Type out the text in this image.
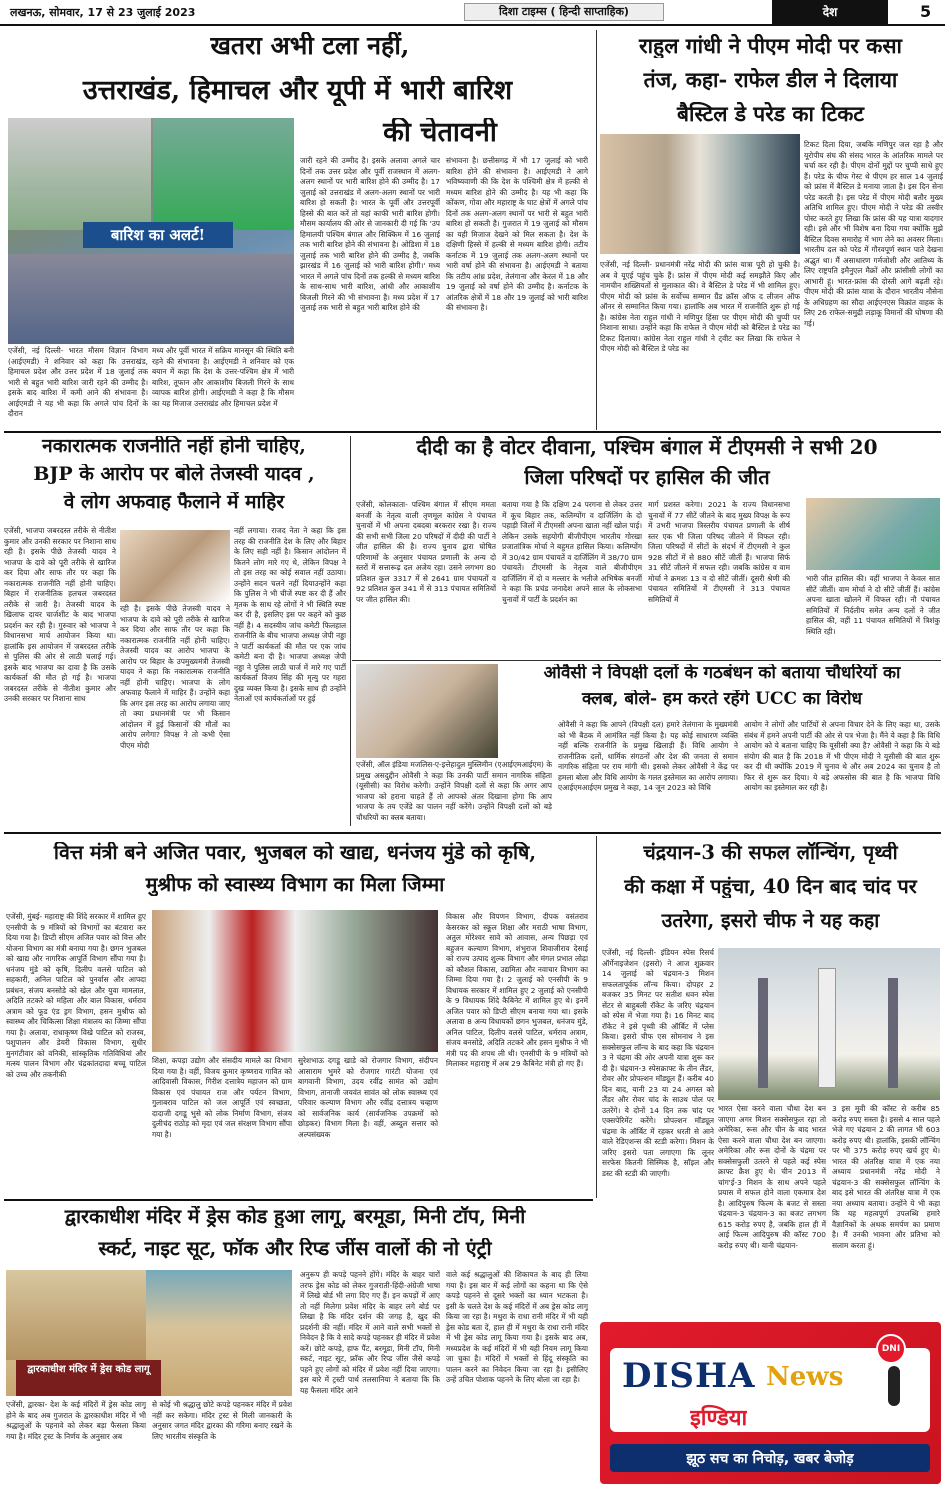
लखनऊ, सोमवार, 17 से 23 जुलाई 2023	दिशा टाइम्स ( हिन्दी साप्ताहिक)	देश	5
खतरा अभी टला नहीं,
उत्तराखंड, हिमाचल और यूपी में भारी बारिश
की चेतावनी
बारिश का अलर्ट!
एजेंसी, नई दिल्ली- भारत मौसम विज्ञान विभाग (आईएमडी) ने शनिवार को कहा कि उत्तराखंड, हिमाचल प्रदेश और उत्तर प्रदेश में 18 जुलाई तक भारी से बहुत भारी बारिश जारी रहने की उम्मीद है। इसके बाद बारिश में कमी आने की संभावना है। आईएमडी ने यह भी कहा कि अगले पांच दिनों के दौरान
मध्य और पूर्वी भारत में सक्रिय मानसून की स्थिति बनी रहने की संभावना है। आईएमडी ने शनिवार को एक बयान में कहा कि देश के उत्तर-पश्चिम क्षेत्र में भारी बारिश, तूफान और आकाशीय बिजली गिरने के साथ व्यापक बारिश होगी। आईएमडी ने कहा है कि मौसम का यह मिजाज उत्तराखंड और हिमाचल प्रदेश में
जारी रहने की उम्मीद है। इसके अलावा अगले चार दिनों तक उत्तर प्रदेश और पूर्वी राजस्थान में अलग-अलग स्थानों पर भारी बारिश होने की उम्मीद है। 17 जुलाई को उत्तराखंड में अलग-अलग स्थानों पर भारी बारिश हो सकती है। भारत के पूर्वी और उत्तरपूर्वी हिस्से की बात करें तो यहां काफी भारी बारिश होगी। मौसम कार्यालय की ओर से जानकारी दी गई कि 'उप हिमालयी पश्चिम बंगाल और सिक्किम में 16 जुलाई तक भारी बारिश होने की संभावना है। ओडिशा में 18 जुलाई तक भारी बारिश होने की उम्मीद है, जबकि झारखंड में 16 जुलाई को भारी बारिश होगी।' मध्य भारत में अगले पांच दिनों तक हल्की से मध्यम बारिश के साथ-साथ भारी बारिश, आंधी और आकाशीय बिजली गिरने की भी संभावना है। मध्य प्रदेश में 17 जुलाई तक भारी से बहुत भारी बारिश होने की
संभावना है। छत्तीसगढ़ में भी 17 जुलाई को भारी बारिश होने की संभावना है। आईएमडी ने आगे भविष्यवाणी की कि देश के पश्चिमी क्षेत्र में हल्की से मध्यम बारिश होने की उम्मीद है। यह भी कहा कि कोंकण, गोवा और महाराष्ट्र के घाट क्षेत्रों में अगले पांच दिनों तक अलग-अलग स्थानों पर भारी से बहुत भारी बारिश हो सकती है। गुजरात में 19 जुलाई को मौसम का यही मिजाज देखने को मिल सकता है। देश के दक्षिणी हिस्से में हल्की से मध्यम बारिश होगी। तटीय कर्नाटक में 19 जुलाई तक अलग-अलग स्थानों पर भारी वर्षा होने की संभावना है। आईएमडी ने बताया कि तटीय आंध्र प्रदेश, तेलंगाना और केरल में 18 और 19 जुलाई को वर्षा होने की उम्मीद है। कर्नाटक के आंतरिक क्षेत्रों में 18 और 19 जुलाई को भारी बारिश की संभावना है।
राहुल गांधी ने पीएम मोदी पर कसा
तंज, कहा- राफेल डील ने दिलाया
बैस्टिल डे परेड का टिकट
एजेंसी, नई दिल्ली- प्रधानमंत्री नरेंद्र मोदी की फ्रांस यात्रा पूरी हो चुकी है। अब वे यूएई पहुंच चुके हैं। फ्रांस में पीएम मोदी कई समझौते किए और नामचीन शख्सियतों से मुलाकात की। वे बैस्टिल डे परेड में भी शामिल हुए। पीएम मोदी को फ्रांस के सर्वोच्च सम्मान ग्रैंड क्रॉस ऑफ द लीजन ऑफ ऑनर से सम्मानित किया गया। हालांकि अब भारत में राजनीति शुरू हो गई है। कांग्रेस नेता राहुल गांधी ने मणिपुर हिंसा पर पीएम मोदी की चुप्पी पर निशाना साधा। उन्होंने कहा कि राफेल ने पीएम मोदी को बैस्टिल डे परेड का टिकट दिलाया। कांग्रेस नेता राहुल गांधी ने ट्वीट कर लिखा कि राफेल ने पीएम मोदी को बैस्टिल डे परेड का
टिकट दिला दिया, जबकि मणिपुर जल रहा है और यूरोपीय संघ की संसद भारत के आंतरिक मामले पर चर्चा कर रही है। पीएम दोनों मुद्दों पर चुप्पी साधे हुए हैं। परेड के चीफ गेस्ट थे पीएम हर साल 14 जुलाई को फ्रांस में बैस्टिल डे मनाया जाता है। इस दिन सेना परेड करती है। इस परेड में पीएम मोदी बतौर मुख्य अतिथि शामिल हुए। पीएम मोदी ने परेड की तस्वीर पोस्ट करते हुए लिखा कि फ्रांस की यह यात्रा यादगार रही। इसे और भी विशेष बना दिया गया क्योंकि मुझे बैस्टिल दिवस समारोह में भाग लेने का अवसर मिला। भारतीय दल को परेड में गौरवपूर्ण स्थान पाते देखना अद्भुत था। मैं असाधारण गर्मजोशी और आतिथ्य के लिए राष्ट्रपति इमैनुएल मैक्रों और फ्रांसीसी लोगों का आभारी हूं। भारत-फ्रांस की दोस्ती आगे बढ़ती रहे। पीएम मोदी की फ्रांस यात्रा के दौरान भारतीय नौसेना के अधिग्रहण का सौदा आईएनएस विक्रांत वाहक के लिए 26 राफेल-समुद्री लड़ाकू विमानों की घोषणा की गई।
नकारात्मक राजनीति नहीं होनी चाहिए,
BJP के आरोप पर बोले तेजस्वी यादव ,
वे लोग अफवाह फैलाने में माहिर
एजेंसी, भाजपा जबरदस्त तरीके से नीतीश कुमार और उनकी सरकार पर निशाना साध रही है। इसके पीछे तेजस्वी यादव ने भाजपा के दावे को पूरी तरीके से खारिज कर दिया और साफ तौर पर कहा कि नकारात्मक राजनीति नहीं होनी चाहिए। बिहार में राजनीतिक हलचल जबरदस्त तरीके से जारी है। तेजस्वी यादव के खिलाफ दायर चार्जशीट के बाद भाजपा प्रदर्शन कर रही है। गुरुवार को भाजपा ने विधानसभा मार्च आयोजन किया था। हालांकि इस आयोजन में जबरदस्त तरीके से पुलिस की ओर से लाठी चलाई गई। इसके बाद भाजपा का दावा है कि उसके कार्यकर्ता की मौत हो गई है। भाजपा जबरदस्त तरीके से नीतीश कुमार और उनकी सरकार पर निशाना साध
रही है। इसके पीछे तेजस्वी यादव ने भाजपा के दावे को पूरी तरीके से खारिज कर दिया और साफ तौर पर कहा कि नकारात्मक राजनीति नहीं होनी चाहिए। तेजस्वी यादव का आरोप भाजपा के आरोप पर बिहार के उपमुख्यमंत्री तेजस्वी यादव ने कहा कि नकारात्मक राजनीति नहीं होनी चाहिए। भाजपा के लोग अफवाह फैलाने में माहिर हैं। उन्होंने कहा कि अगर इस तरह का आरोप लगाया जाए तो क्या प्रधानमंत्री पर भी किसान आंदोलन में हुई किसानों की मौतों का आरोप लगेगा? विपक्ष ने तो कभी ऐसा पीएम मोदी
नहीं लगाया। राजद नेता ने कहा कि इस तरह की राजनीति देश के लिए और बिहार के लिए सही नहीं है। किसान आंदोलन में कितने लोग मारे गए थे, लेकिन विपक्ष ने तो इस तरह का कोई सवाल नहीं उठाया। उन्होंने सदन चलने नहीं दियाउन्होंने कहा कि पुलिस ने भी चीजें स्पष्ट कर दी हैं और मृतक के साथ रहे लोगों ने भी स्थिति स्पष्ट कर दी है, इसलिए इस पर कहने को कुछ नहीं है। 4 सदस्यीय जांच कमेटी फिलहाल राजनीति के बीच भाजपा अध्यक्ष जेपी नड्डा ने पार्टी कार्यकर्ता की मौत पर एक जांच कमेटी बना दी है। भाजपा अध्यक्ष जेपी नड्डा ने पुलिस लाठी चार्ज में मारे गए पार्टी कार्यकर्ता विजय सिंह की मृत्यु पर गहरा दुख व्यक्त किया है। इसके साथ ही उन्होंने नेताओं एवं कार्यकर्ताओं पर हुई
दीदी का है वोटर दीवाना, पश्चिम बंगाल में टीएमसी ने सभी 20
जिला परिषदों पर हासिल की जीत
एजेंसी, कोलकाता- पश्चिम बंगाल में सीएम ममता बनर्जी के नेतृत्व वाली तृणमूल कांग्रेस ने पंचायत चुनावों में भी अपना दबदबा बरकरार रखा है। राज्य की सभी सभी जिला 20 परिषदों में दीदी की पार्टी ने जीत हासिल की है। राज्य चुनाव द्वारा घोषित परिणामों के अनुसार पंचायत प्रणाली के अन्य दो स्तरों में सत्तारूढ़ दल अजेय रहा। उसने लगभग 80 प्रतिशत कुल 3317 में से 2641 ग्राम पंचायतों व 92 प्रतिशत कुल 341 में से 313 पंचायत समितियों पर जीत हासिल की।
बताया गया है कि दक्षिण 24 परगना से लेकर उत्तर में कूच बिहार तक, कलिम्पोंग व दार्जिलिंग के दो पहाड़ी जिलों में टीएमसी अपना खाता नहीं खोल पाई। लेकिन उसके सहयोगी बीजीपीएम भारतीय गोरखा प्रजातांत्रिक मोर्चा ने बहुमत हासिल किया। कलिम्पोंग में 30/42 ग्राम पंचायतें व दार्जिलिंग में 38/70 ग्राम पंचायतें। टीएमसी के नेतृत्व वाले बीजीपीएम दार्जिलिंग में दो व मल्लार के भतीजे अभिषेक बनर्जी ने कहा कि प्रचंड जनादेश अपने साल के लोकसभा चुनावों में पार्टी के प्रदर्शन का
मार्ग प्रशस्त करेगा। 2021 के राज्य विधानसभा चुनावों में 77 सीटें जीतने के बाद मुख्य विपक्ष के रूप में उभरी भाजपा त्रिस्तरीय पंचायत प्रणाली के शीर्ष स्तर एक भी जिला परिषद जीतने में विफल रही। जिला परिषदों में सीटों के संदर्भ में टीएमसी ने कुल 928 सीटों में से 880 सीटें जीतीं हैं। भाजपा सिर्फ 31 सीटें जीतने में सफल रही। जबकि कांग्रेस व वाम मोर्चा ने क्रमशः 13 व दो सीटें जीतीं। दूसरी श्रेणी की पंचायत समितियों में टीएमसी ने 313 पंचायत समितियों में
भारी जीत हासिल की। वहीं भाजपा ने केवल सात सीटें जीतीं। वाम मोर्चा ने दो सीटें जीतीं हैं। कांग्रेस अपना खाता खोलने में विफल रही। नौ पंचायत समितियों में निर्दलीय समेत अन्य दलों ने जीत हासिल की, वहीं 11 पंचायत समितियों में त्रिशंकु स्थिति रही।
ओवैसी ने विपक्षी दलों के गठबंधन को बताया चौधरियों का
क्लब, बोले- हम करते रहेंगे UCC का विरोध
एजेंसी, ऑल इंडिया मजलिस-ए-इत्तेहादुल मुस्लिमीन (एआईएमआईएम) के प्रमुख असदुद्दीन ओवैसी ने कहा कि उनकी पार्टी समान नागरिक संहिता (यूसीसी) का विरोध करेगी। उन्होंने विपक्षी दलों से कहा कि अगर आप भाजपा को हराना चाहते हैं तो आपको अंतर दिखाना होगा कि आप भाजपा के तय एजेंडे का पालन नहीं करेंगे। उन्होंने विपक्षी दलों को बड़े चौधरियों का क्लब बताया।
ओवैसी ने कहा कि आपने (विपक्षी दल) हमारे तेलंगाना के मुख्यमंत्री को भी बैठक में आमंत्रित नहीं किया है। यह कोई साधारण व्यक्ति नहीं बल्कि राजनीति के प्रमुख खिलाड़ी हैं। विधि आयोग ने राजनीतिक दलों, धार्मिक संगठनों और देश की जनता से समान नागरिक संहिता पर राय मांगी थी। इसको लेकर ओवैसी ने केंद्र पर हमला बोला और विधि आयोग के गलत इस्तेमाल का आरोप लगाया। एआईएमआईएम प्रमुख ने कहा, 14 जून 2023 को विधि
आयोग ने लोगों और पार्टियों से अपना विचार देने के लिए कहा था, उसके संबंध में हमने अपनी पार्टी की ओर से पत्र भेजा है। मैंने ये कहा है कि विधि आयोग को ये बताना चाहिए कि यूसीसी क्या है? ओवैसी ने कहा कि ये बड़े संयोग की बात है कि 2018 में भी पीएम मोदी ने यूसीसी की बात शुरू कर दी थी क्योंकि 2019 में चुनाव थे और अब 2024 का चुनाव है तो फिर से शुरू कर दिया। ये बड़े अफसोस की बात है कि भाजपा विधि आयोग का इस्तेमाल कर रही है।
वित्त मंत्री बने अजित पवार, भुजबल को खाद्य, धनंजय मुंडे को कृषि,
मुश्रीफ को स्वास्थ्य विभाग का मिला जिम्मा
एजेंसी, मुंबई- महाराष्ट्र की शिंदे सरकार में शामिल हुए एनसीपी के 9 मंत्रियों को विभागों का बंटवारा कर दिया गया है। डिप्टी सीएम अजित पवार को वित्त और योजना विभाग का मंत्री बनाया गया है। छगन भुजबल को खाद्य और नागरिक आपूर्ति विभाग सौंपा गया है। धनंजय मुंडे को कृषि, दिलीप वलसे पाटिल को सहकारी, अनिल पाटिल को पुनर्वास और आपदा प्रबंधन, संजय बनसोडे को खेल और युवा मामलात, अदिति तटकरे को महिला और बाल विकास, धर्मराव अत्राम को फूड एंड ड्रग विभाग, हसन मुश्रीफ को स्वास्थ्य और चिकित्सा शिक्षा मंत्रालय का जिम्मा सौंपा गया है। अलावा, राधाकृष्ण विखे पाटिल को राजस्व, पशुपालन और डेयरी विकास विभाग, सुधीर मुनगंटीवार को वनिकी, सांस्कृतिक गतिविधियां और मत्स्य पालन विभाग और चंद्रकांतदादा बच्चू पाटिल को उच्च और तकनीकी
शिक्षा, कपड़ा उद्योग और संसदीय मामले का विभाग दिया गया है। वहीं, विजय कुमार कृष्णराव गावित को आदिवासी विकास, गिरीश दत्तात्रेय महाजन को ग्राम विकास एवं पंचायत राज और पर्यटन विभाग, गुलाबराव पाटिल को जल आपूर्ति एवं स्वच्छता, दादाजी दगडू भुसे को लोक निर्माण विभाग, संजय दुलीचंद राठोड़ को मृदा एवं जल संरक्षण विभाग सौंपा गया है।
सुरेशभाऊ दगडू खाडे को रोजगार विभाग, संदीपन आसाराम भुमरे को रोजगार गारंटी योजना एवं बागवानी विभाग, उदय रवींद्र सामंत को उद्योग विभाग, तानाजी जयवंत सावंत को लोक स्वास्थ्य एवं परिवार कल्याण विभाग और रवींद्र दत्तात्रय चव्हाण को सार्वजनिक कार्य (सार्वजनिक उपक्रमों को छोड़कर) विभाग मिला है। वहीं, अब्दुल सत्तार को अल्पसंख्यक
विकास और विपणन विभाग, दीपक वसंतराव केसरकर को स्कूल शिक्षा और मराठी भाषा विभाग, अतुल मोरेश्वर सावे को आवास, अन्य पिछड़ा एवं बहुजन कल्याण विभाग, शंभुराज शिवाजीराव देसाई को राज्य उत्पाद शुल्क विभाग और मंगल प्रभात लोढ़ा को कौशल विकास, उद्यमिता और नवाचार विभाग का जिम्मा दिया गया है। 2 जुलाई को एनसीपी के 9 विधायक सरकार में शामिल हुए 2 जुलाई को एनसीपी के 9 विधायक शिंदे कैबिनेट में शामिल हुए थे। इनमें अजित पवार को डिप्टी सीएम बनाया गया था। इसके अलावा 8 अन्य विधायकों छगन भुजबल, धनंजय मुंडे, अनिल पाटिल, दिलीप वलसे पाटिल, धर्मराव अत्राम, संजय बनसोडे, अदिति तटकरे और हसन मुश्रीफ ने भी मंत्री पद की शपथ ली थी। एनसीपी के 9 मंत्रियों को मिलाकर महाराष्ट्र में अब 29 कैबिनेट मंत्री हो गए हैं।
चंद्रयान-3 की सफल लॉन्चिंग, पृथ्वी
की कक्षा में पहुंचा, 40 दिन बाद चांद पर
उतरेगा, इसरो चीफ ने यह कहा
एजेंसी, नई दिल्ली- इंडियन स्पेस रिसर्च ऑर्गेनाइजेशन (इसरो) ने आज शुक्रवार 14 जुलाई को चंद्रयान-3 मिशन सफलतापूर्वक लॉन्च किया। दोपहर 2 बजकर 35 मिनट पर सतीश धवन स्पेस सेंटर से बाहुबली रॉकेट के जरिए चंद्रयान को स्पेस में भेजा गया है। 16 मिनट बाद रॉकेट ने इसे पृथ्वी की ऑर्बिट में प्लेस किया। इसरो चीफ एस सोमनाथ ने इस सक्सेसफुल लॉन्च के बाद कहा कि चंद्रयान 3 ने चंद्रमा की ओर अपनी यात्रा शुरू कर दी है। चंद्रयान-3 स्पेसक्राफ्ट के तीन लैंडर, रोवर और प्रोपल्शन मॉड्यूल हैं। करीब 40 दिन बाद, यानी 23 या 24 अगस्त को लैंडर और रोवर चांद के साउथ पोल पर उतरेंगे। ये दोनों 14 दिन तक चांद पर एक्सपेरिमेंट करेंगे। प्रोपल्शन मॉड्यूल चंद्रमा के ऑर्बिट में रहकर धरती से आने वाले रेडिएशन्स की स्टडी करेगा। मिशन के जरिए इसरो पता लगाएगा कि लूनर सरफेस कितनी सिस्मिक है, सॉइल और डस्ट की स्टडी की जाएगी।
भारत ऐसा करने वाला चौथा देश बन जाएगा अगर मिशन सक्सेसफुल रहा तो अमेरिका, रूस और चीन के बाद भारत ऐसा करने वाला चौथा देश बन जाएगा। अमेरिका और रूस दोनों के चंद्रमा पर सक्सेसफुली उतरने से पहले कई स्पेस क्राफ्ट क्रैश हुए थे। चीन 2013 में चांग'ई-3 मिशन के साथ अपने पहले प्रयास में सफल होने वाला एकमात्र देश है। आदिपुरुष फिल्म के बजट से सस्ता चंद्रयान-3 चंद्रयान-3 का बजट लगभग 615 करोड़ रुपए है, जबकि हाल ही में आई फिल्म आदिपुरुष की कॉस्ट 700 करोड़ रुपए थी। यानी चंद्रयान-
3 इस मूवी की कॉस्ट से करीब 85 करोड़ रुपए सस्ता है। इससे 4 साल पहले भेजे गए चंद्रयान 2 की लागत भी 603 करोड़ रुपए थी। हालांकि, इसकी लॉन्चिंग पर भी 375 करोड़ रुपए खर्च हुए थे। भारत की अंतरिक्ष यात्रा में एक नया अध्याय प्रधानमंत्री नरेंद्र मोदी ने चंद्रयान-3 की सक्सेसफुल लॉन्चिंग के बाद इसे भारत की अंतरिक्ष यात्रा में एक नया अध्याय बताया। उन्होंने ये भी कहा कि यह महत्वपूर्ण उपलब्धि हमारे वैज्ञानिकों के अथक समर्पण का प्रमाण है। मैं उनकी भावना और प्रतिभा को सलाम करता हूं।
द्वारकाधीश मंदिर में ड्रेस कोड हुआ लागू, बरमूडा, मिनी टॉप, मिनी
स्कर्ट, नाइट सूट, फॉक और रिप्ड जींस वालों की नो एंट्री
द्वारकाधीश मंदिर में ड्रेस कोड लागू
एजेंसी, द्वारका- देश के कई मंदिरों में ड्रेस कोड लागू होने के बाद अब गुजरात के द्वारकाधीश मंदिर में भी श्रद्धालुओं के पहनावे को लेकर बड़ा फैसला किया गया है। मंदिर ट्रस्ट के निर्णय के अनुसार अब
से कोई भी श्रद्धालु छोटे कपड़े पहनकर मंदिर में प्रवेश नहीं कर सकेगा। मंदिर ट्रस्ट से मिली जानकारी के अनुसार जगत मंदिर द्वारका की गरिमा बनाए रखने के लिए भारतीय संस्कृति के
अनुरूप ही कपड़े पहनने होंगे। मंदिर के बाहर चारों तरफ ड्रेस कोड को लेकर गुजराती-हिंदी-अंग्रेजी भाषा में लिखे बोर्ड भी लगा दिए गए हैं। इन कपड़ों में आए तो नहीं मिलेगा प्रवेश मंदिर के बाहर लगे बोर्ड पर लिखा है कि मंदिर दर्शन की जगह है, खुद की प्रदर्शनी की नहीं। मंदिर में आने वाले सभी भक्तों से निवेदन है कि वे सादे कपड़े पहनकर ही मंदिर में प्रवेश करें। छोटे कपड़े, हाफ पैंट, बरमूडा, मिनी टॉप, मिनी स्कर्ट, नाइट सूट, फ्रॉक और रिप्ड जींस जैसे कपड़े पहने हुए लोगों को मंदिर में प्रवेश नहीं दिया जाएगा। इस बारे में ट्रस्टी पार्थ तलसानिया ने बताया कि कि यह फैसला मंदिर आने
वाले कई श्रद्धालुओं की शिकायत के बाद ही लिया गया है। इस बार में कई लोगों का कहना था कि ऐसे कपड़े पहनने से दूसरे भक्तों का ध्यान भटकता है। इसी के चलते देश के कई मंदिरों में अब ड्रेस कोड लागू किया जा रहा है। मथुरा के राधा रानी मंदिर में भी यही ड्रेस कोड बता दें, हाल ही में मथुरा के राधा रानी मंदिर में भी ड्रेस कोड लागू किया गया है। इसके बाद अब, मध्यप्रदेश के कई मंदिरों में भी यही नियम लागू किया जा चुका है। मंदिरों में भक्तों से हिंदू संस्कृति का पालन करने का निवेदन किया जा रहा है। इसीलिए उन्हें उचित पोशाक पहनने के लिए बोला जा रहा है। DISHA News
DNI
इण्डिया
झूठ सच का निचोड़, खबर बेजोड़
